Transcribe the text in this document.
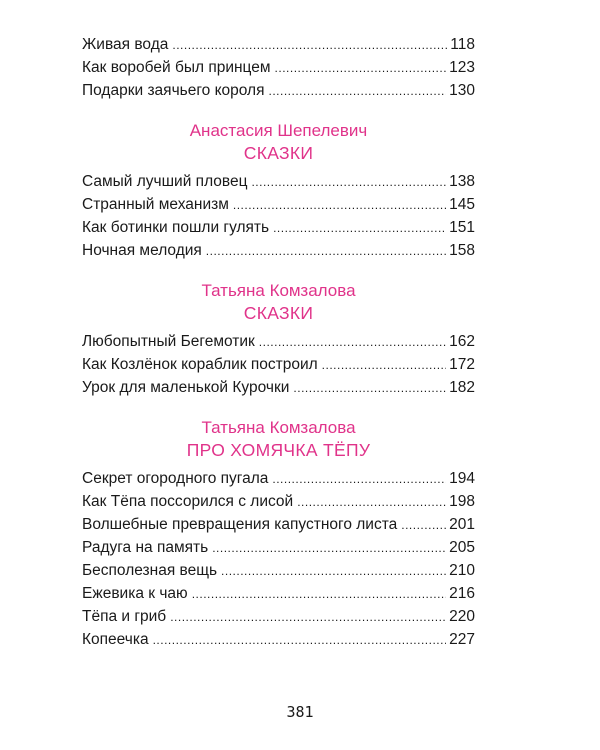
Живая вода .....	118
Как воробей был принцем .....	123
Подарки заячьего короля .....	130
Анастасия Шепелевич
СКАЗКИ
Самый лучший пловец .....	138
Странный механизм .....	145
Как ботинки пошли гулять .....	151
Ночная мелодия .....	158
Татьяна Комзалова
СКАЗКИ
Любопытный Бегемотик .....	162
Как Козлёнок кораблик построил .....	172
Урок для маленькой Курочки .....	182
Татьяна Комзалова
ПРО ХОМЯЧКА ТЁПУ
Секрет огородного пугала .....	194
Как Тёпа поссорился с лисой .....	198
Волшебные превращения капустного листа .....	201
Радуга на память .....	205
Бесполезная вещь .....	210
Ежевика к чаю .....	216
Тёпа и гриб .....	220
Копеечка .....	227
381
